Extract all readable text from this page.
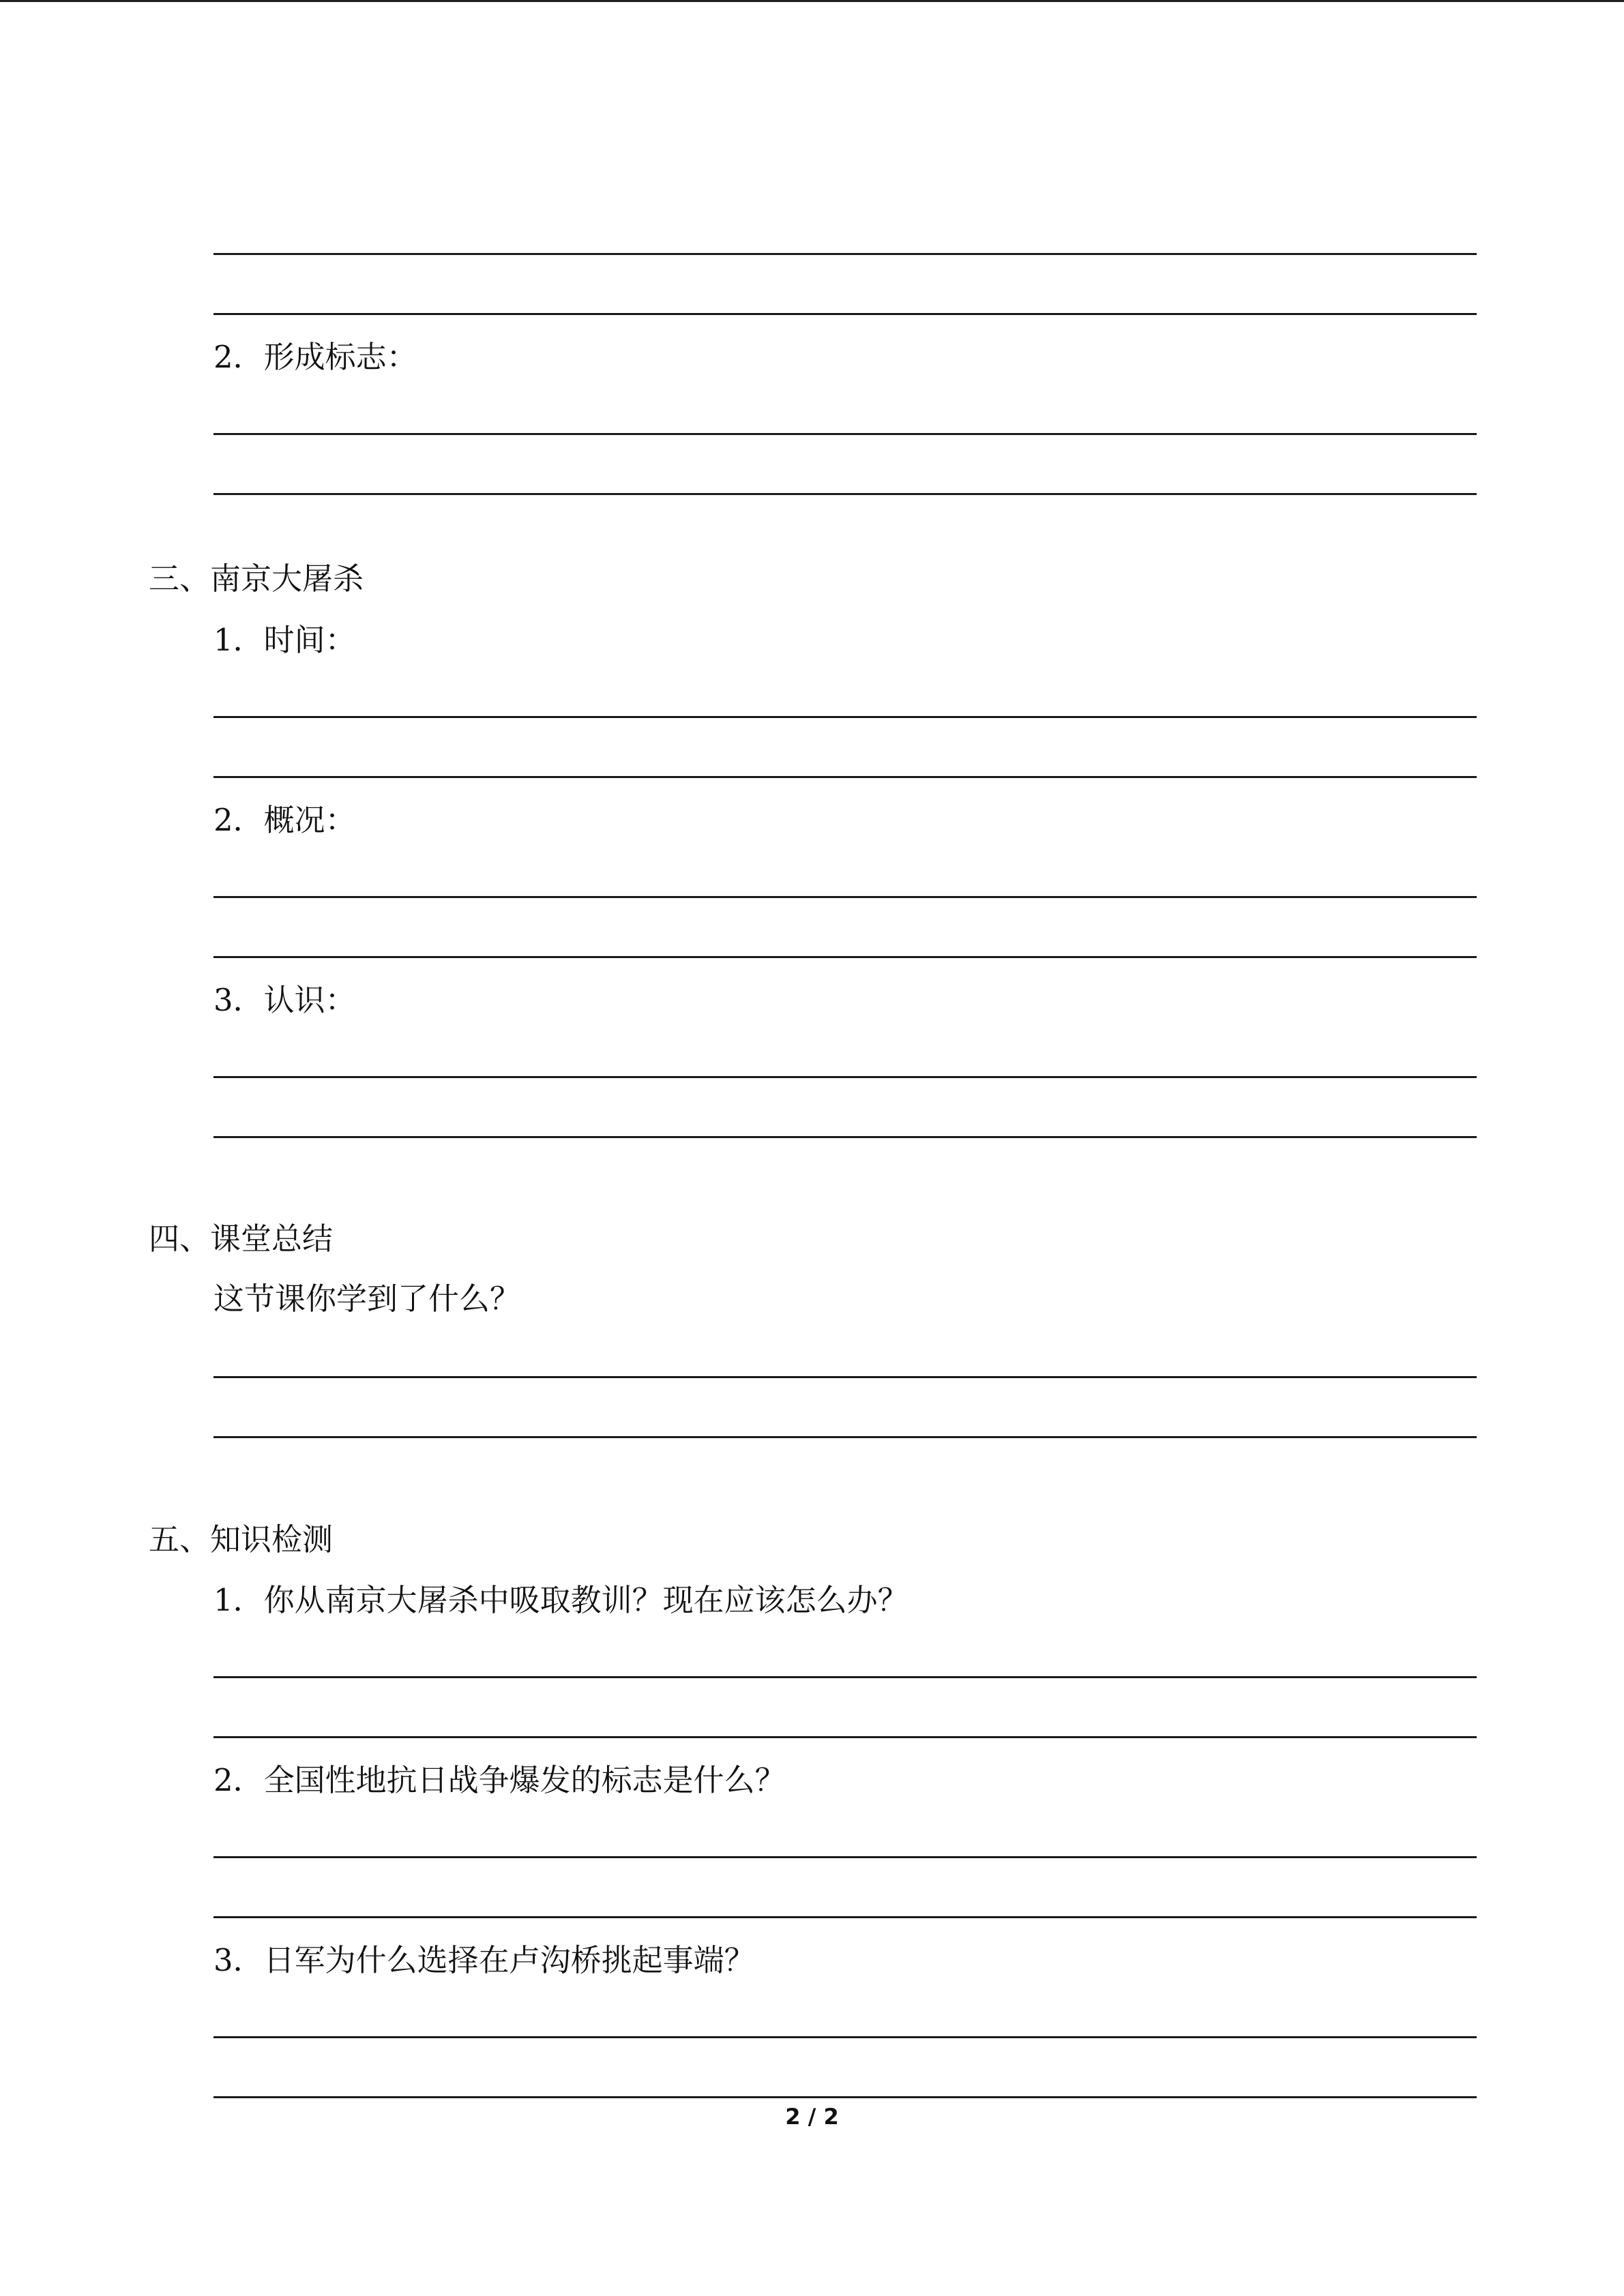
2．形成标志：
三、南京大屠杀
1．时间：
2．概况：
3．认识：
四、课堂总结
这节课你学到了什么？
五、知识检测
1．你从南京大屠杀中吸取教训？现在应该怎么办？
2．全国性地抗日战争爆发的标志是什么？
3．日军为什么选择在卢沟桥挑起事端？
2 / 2
